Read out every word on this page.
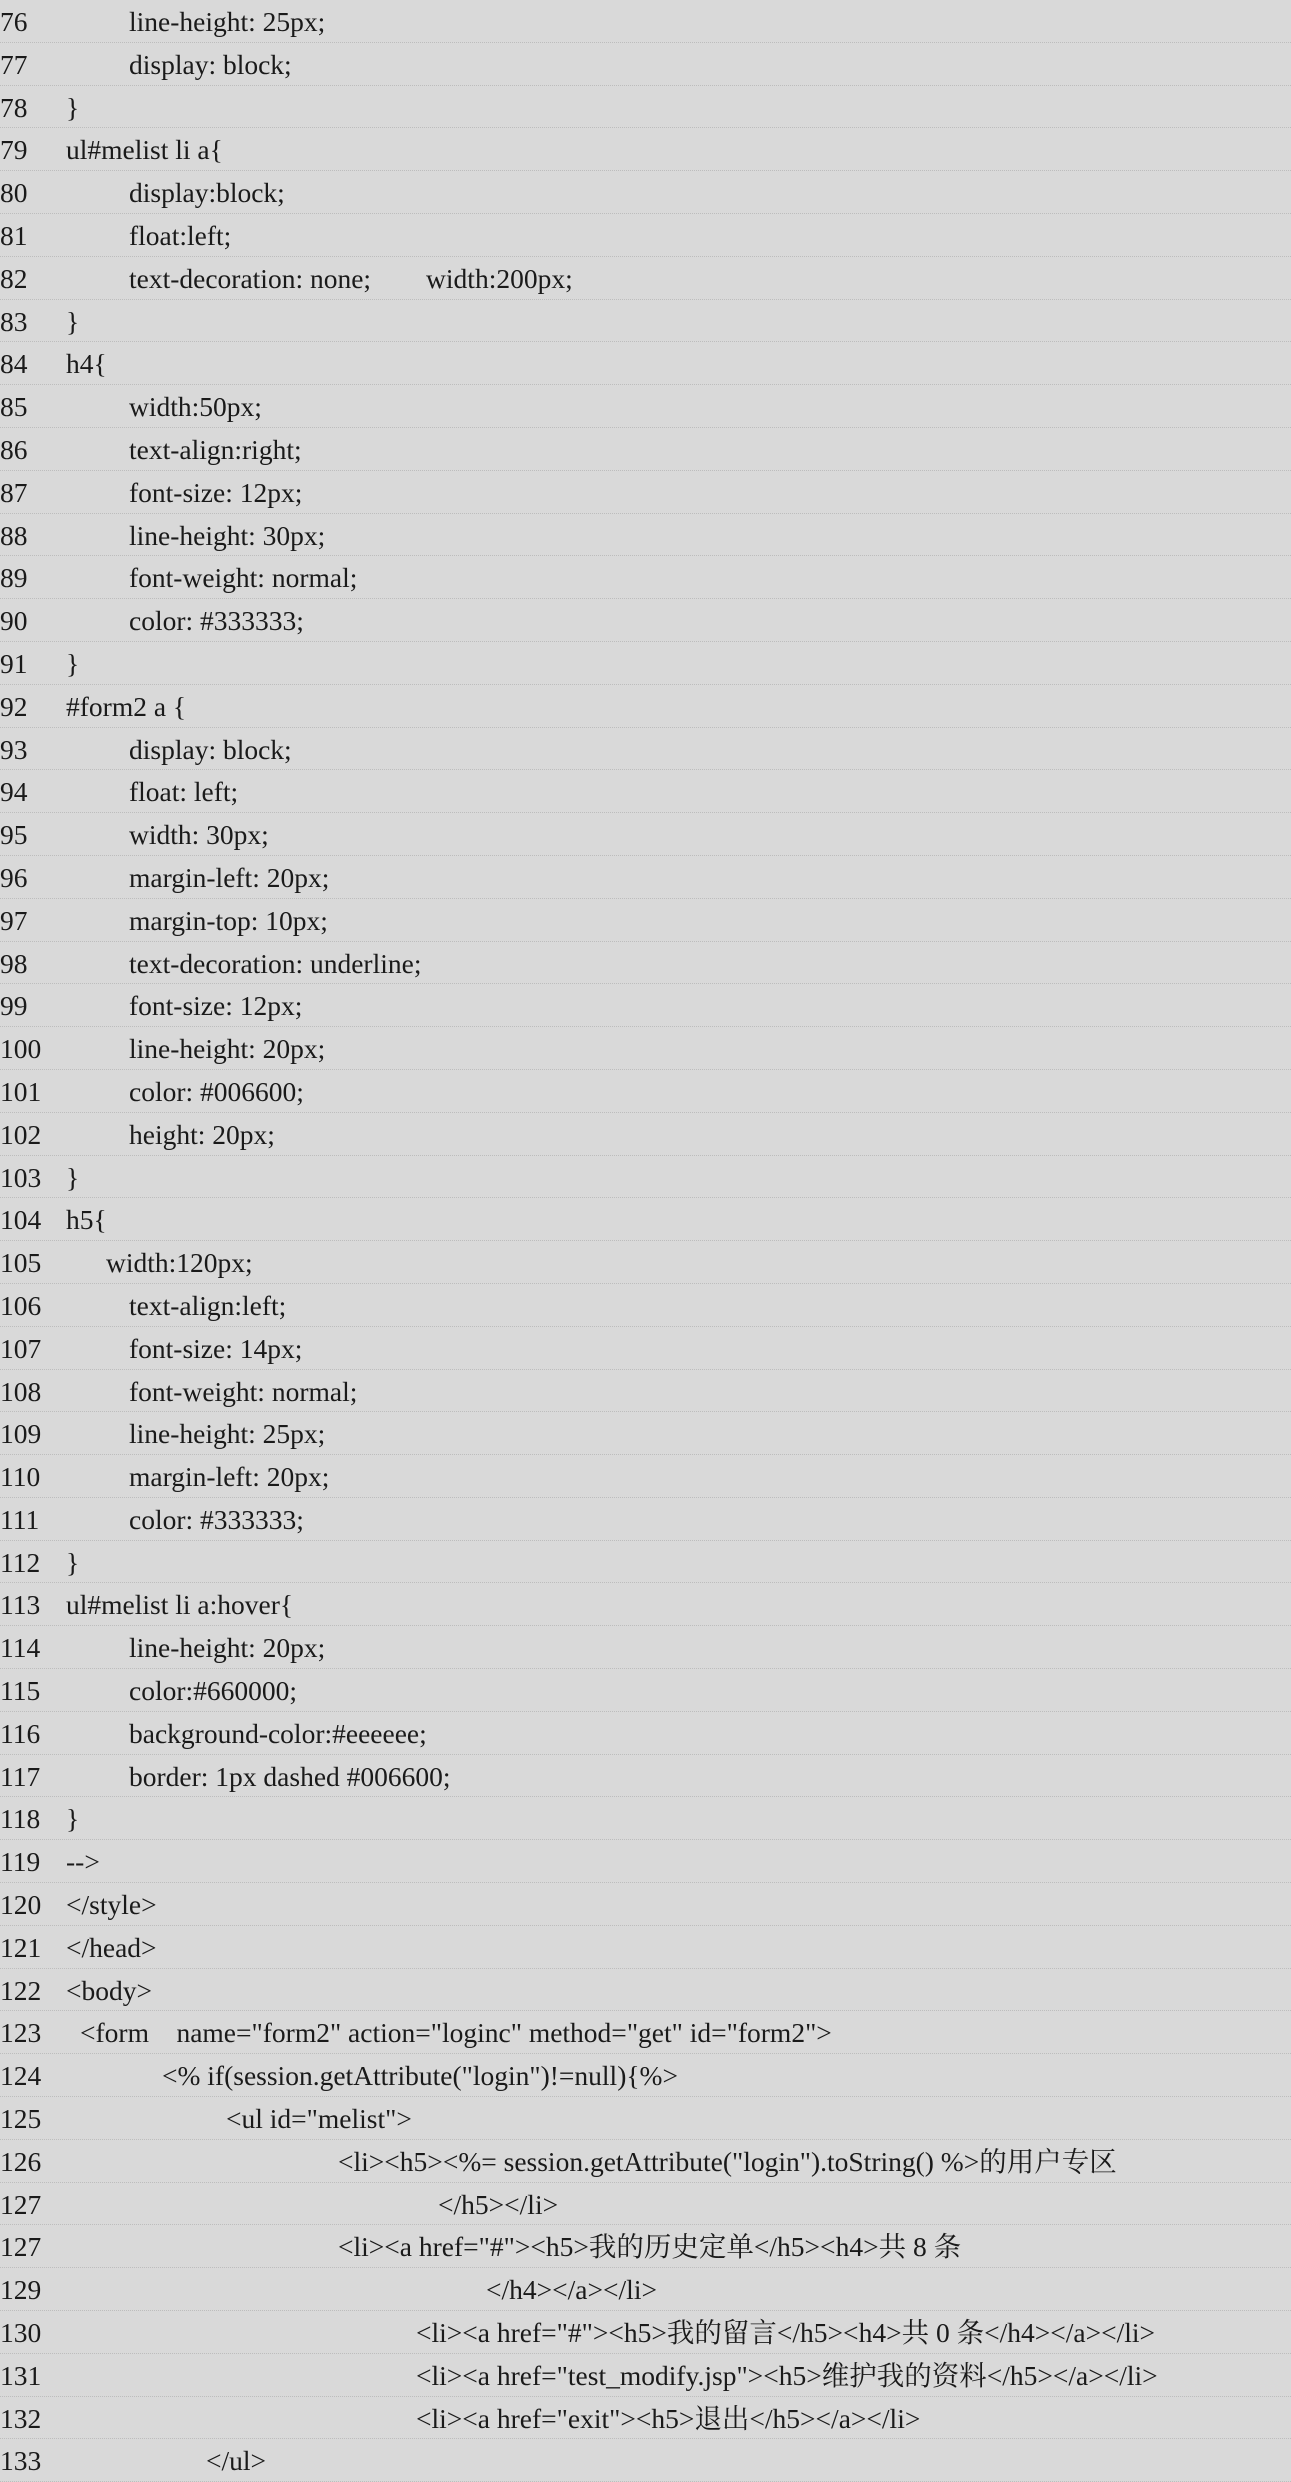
76	line-height: 25px;
77	display: block;
78	}
79	ul#melist li a{
80	display:block;
81	float:left;
82	text-decoration: none;        width:200px;
83	}
84	h4{
85	width:50px;
86	text-align:right;
87	font-size: 12px;
88	line-height: 30px;
89	font-weight: normal;
90	color: #333333;
91	}
92	#form2 a {
93	display: block;
94	float: left;
95	width: 30px;
96	margin-left: 20px;
97	margin-top: 10px;
98	text-decoration: underline;
99	font-size: 12px;
100	line-height: 20px;
101	color: #006600;
102	height: 20px;
103 }
104 h5{
105	width:120px;
106	text-align:left;
107	font-size: 14px;
108	font-weight: normal;
109	line-height: 25px;
110	margin-left: 20px;
111	color: #333333;
112 }
113 ul#melist li a:hover{
114	line-height: 20px;
115	color:#660000;
116	background-color:#eeeeee;
117	border: 1px dashed #006600;
118 }
119 -->
120 </style>
121 </head>
122 <body>
123	<form    name="form2" action="loginc" method="get" id="form2">
124	<% if(session.getAttribute("login")!=null){%>
125	<ul id="melist">
126	<li><h5><%= session.getAttribute("login").toString() %>的用户专区
127	</h5></li>
127	<li><a href="#"><h5>我的历史定单</h5><h4>共 8 条
129	</h4></a></li>
130	<li><a href="#"><h5>我的留言</h5><h4>共 0 条</h4></a></li>
131	<li><a href="test_modify.jsp"><h5>维护我的资料</h5></a></li>
132	<li><a href="exit"><h5>退出</h5></a></li>
133	</ul>
